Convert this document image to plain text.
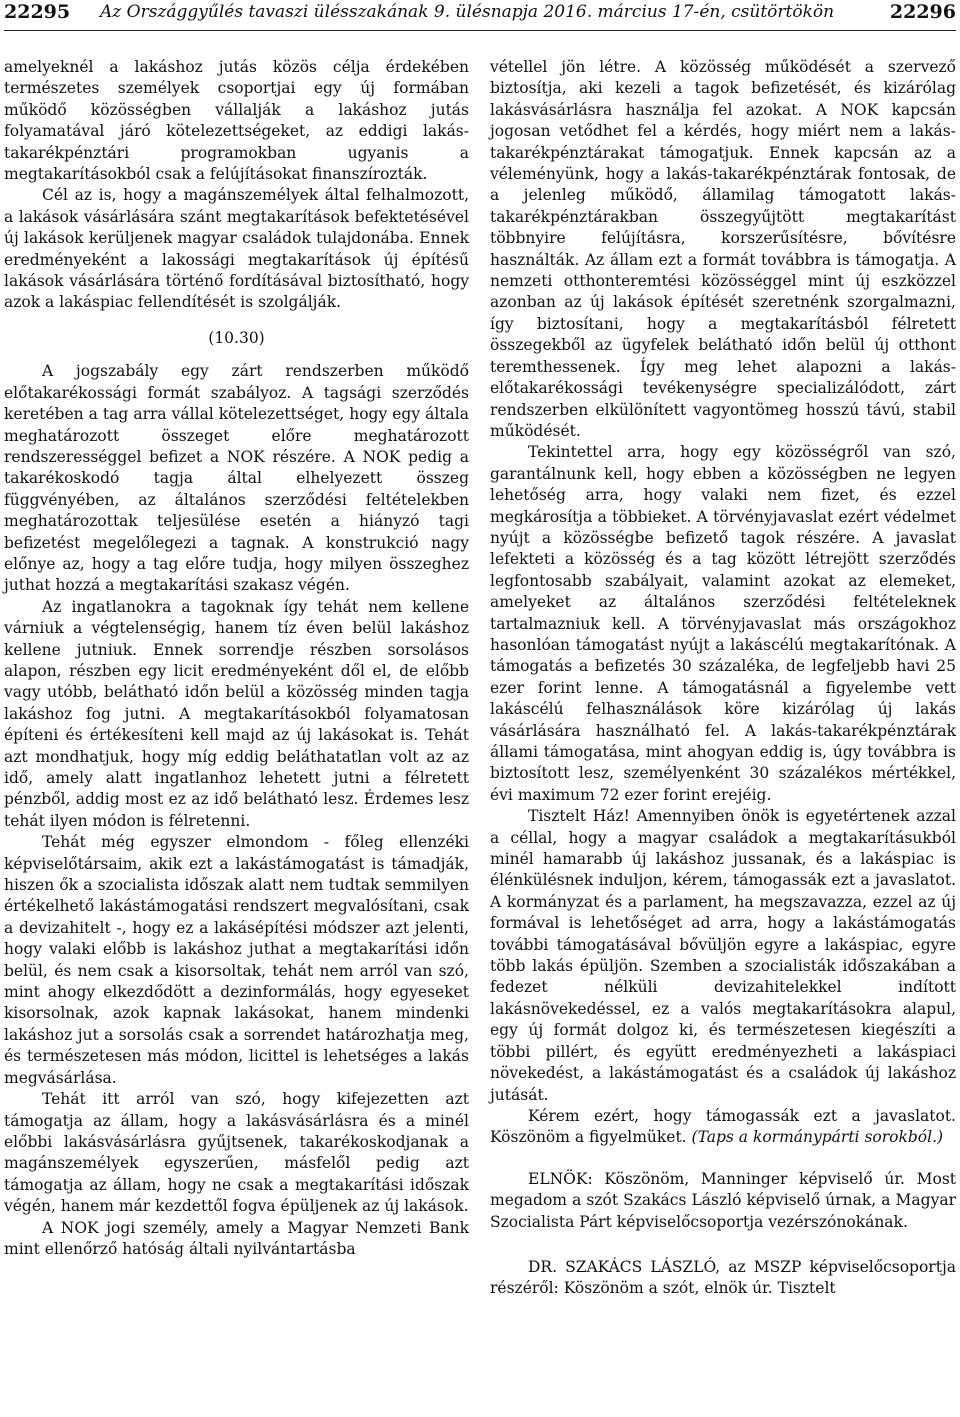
22295 Az Országgyűlés tavaszi ülésszakának 9. ülésnapja 2016. március 17-én, csütörtökön	22296

amelyeknél a lakáshoz jutás közös célja érdekében természetes személyek csoportjai egy új formában működő közösségben vállalják a lakáshoz jutás folyamatával járó kötelezettségeket, az eddigi lakás-takarékpénztári programokban ugyanis a megtakarításokból csak a felújításokat finanszírozták.

Cél az is, hogy a magánszemélyek által felhalmozott, a lakások vásárlására szánt megtakarítások befektetésével új lakások kerüljenek magyar családok tulajdonába. Ennek eredményeként a lakossági megtakarítások új építésű lakások vásárlására történő fordításával biztosítható, hogy azok a lakáspiac fellendítését is szolgálják.

(10.30)

A jogszabály egy zárt rendszerben működő előtakarékossági formát szabályoz. A tagsági szerződés keretében a tag arra vállal kötelezettséget, hogy egy általa meghatározott összeget előre meghatározott rendszerességgel befizet a NOK részére. A NOK pedig a takarékoskodó tagja által elhelyezett összeg függvényében, az általános szerződési feltételekben meghatározottak teljesülése esetén a hiányzó tagi befizetést megelőlegezi a tagnak. A konstrukció nagy előnye az, hogy a tag előre tudja, hogy milyen összeghez juthat hozzá a megtakarítási szakasz végén.

Az ingatlanokra a tagoknak így tehát nem kellene várniuk a végtelenségig, hanem tíz éven belül lakáshoz kellene jutniuk. Ennek sorrendje részben sorsolásos alapon, részben egy licit eredményeként dől el, de előbb vagy utóbb, belátható időn belül a közösség minden tagja lakáshoz fog jutni. A megtakarításokból folyamatosan építeni és értékesíteni kell majd az új lakásokat is. Tehát azt mondhatjuk, hogy míg eddig beláthatatlan volt az az idő, amely alatt ingatlanhoz lehetett jutni a félretett pénzből, addig most ez az idő belátható lesz. Érdemes lesz tehát ilyen módon is félretenni.

Tehát még egyszer elmondom - főleg ellenzéki képviselőtársaim, akik ezt a lakástámogatást is támadják, hiszen ők a szocialista időszak alatt nem tudtak semmilyen értékelhető lakástámogatási rendszert megvalósítani, csak a devizahitelt -, hogy ez a lakásépítési módszer azt jelenti, hogy valaki előbb is lakáshoz juthat a megtakarítási időn belül, és nem csak a kisorsoltak, tehát nem arról van szó, mint ahogy elkezdődött a dezinformálás, hogy egyeseket kisorsolnak, azok kapnak lakásokat, hanem mindenki lakáshoz jut a sorsolás csak a sorrendet határozhatja meg, és természetesen más módon, licittel is lehetséges a lakás megvásárlása.

Tehát itt arról van szó, hogy kifejezetten azt támogatja az állam, hogy a lakásvásárlásra és a minél előbbi lakásvásárlásra gyűjtsenek, takarékoskodjanak a magánszemélyek egyszerűen, másfelől pedig azt támogatja az állam, hogy ne csak a megtakarítási időszak végén, hanem már kezdettől fogva épüljenek az új lakások.

A NOK jogi személy, amely a Magyar Nemzeti Bank mint ellenőrző hatóság általi nyilvántartásba

vétellel jön létre. A közösség működését a szervező biztosítja, aki kezeli a tagok befizetését, és kizárólag lakásvásárlásra használja fel azokat. A NOK kapcsán jogosan vetődhet fel a kérdés, hogy miért nem a lakás-takarékpénztárakat támogatjuk. Ennek kapcsán az a véleményünk, hogy a lakás-takarékpénztárak fontosak, de a jelenleg működő, államilag támogatott lakás-takarékpénztárakban összegyűjtött megtakarítást többnyire felújításra, korszerűsítésre, bővítésre használták. Az állam ezt a formát továbbra is támogatja. A nemzeti otthonteremtési közösséggel mint új eszközzel azonban az új lakások építését szeretnénk szorgalmazni, így biztosítani, hogy a megtakarításból félretett összegekből az ügyfelek belátható időn belül új otthont teremthessenek. Így meg lehet alapozni a lakás-előtakarékossági tevékenységre specializálódott, zárt rendszerben elkülönített vagyontömeg hosszú távú, stabil működését.

Tekintettel arra, hogy egy közösségről van szó, garantálnunk kell, hogy ebben a közösségben ne legyen lehetőség arra, hogy valaki nem fizet, és ezzel megkárosítja a többieket. A törvényjavaslat ezért védelmet nyújt a közösségbe befizető tagok részére. A javaslat lefekteti a közösség és a tag között létrejött szerződés legfontosabb szabályait, valamint azokat az elemeket, amelyeket az általános szerződési feltételeknek tartalmazniuk kell. A törvényjavaslat más országokhoz hasonlóan támogatást nyújt a lakáscélú megtakarítónak. A támogatás a befizetés 30 százaléka, de legfeljebb havi 25 ezer forint lenne. A támogatásnál a figyelembe vett lakáscélú felhasználások köre kizárólag új lakás vásárlására használható fel. A lakás-takarékpénztárak állami támogatása, mint ahogyan eddig is, úgy továbbra is biztosított lesz, személyenként 30 százalékos mértékkel, évi maximum 72 ezer forint erejéig.

Tisztelt Ház! Amennyiben önök is egyetértenek azzal a céllal, hogy a magyar családok a megtakarításukból minél hamarabb új lakáshoz jussanak, és a lakáspiac is élénkülésnek induljon, kérem, támogassák ezt a javaslatot. A kormányzat és a parlament, ha megszavazza, ezzel az új formával is lehetőséget ad arra, hogy a lakástámogatás további támogatásával bővüljön egyre a lakáspiac, egyre több lakás épüljön. Szemben a szocialisták időszakában a fedezet nélküli devizahitelekkel indított lakásnövekedéssel, ez a valós megtakarításokra alapul, egy új formát dolgoz ki, és természetesen kiegészíti a többi pillért, és együtt eredményezheti a lakáspiaci növekedést, a lakástámogatást és a családok új lakáshoz jutását.

Kérem ezért, hogy támogassák ezt a javaslatot. Köszönöm a figyelmüket. (Taps a kormánypárti sorokból.)

ELNÖK: Köszönöm, Manninger képviselő úr. Most megadom a szót Szakács László képviselő úrnak, a Magyar Szocialista Párt képviselőcsoportja vezérszónokának.

DR. SZAKÁCS LÁSZLÓ, az MSZP képviselőcsoportja részéről: Köszönöm a szót, elnök úr. Tisztelt
